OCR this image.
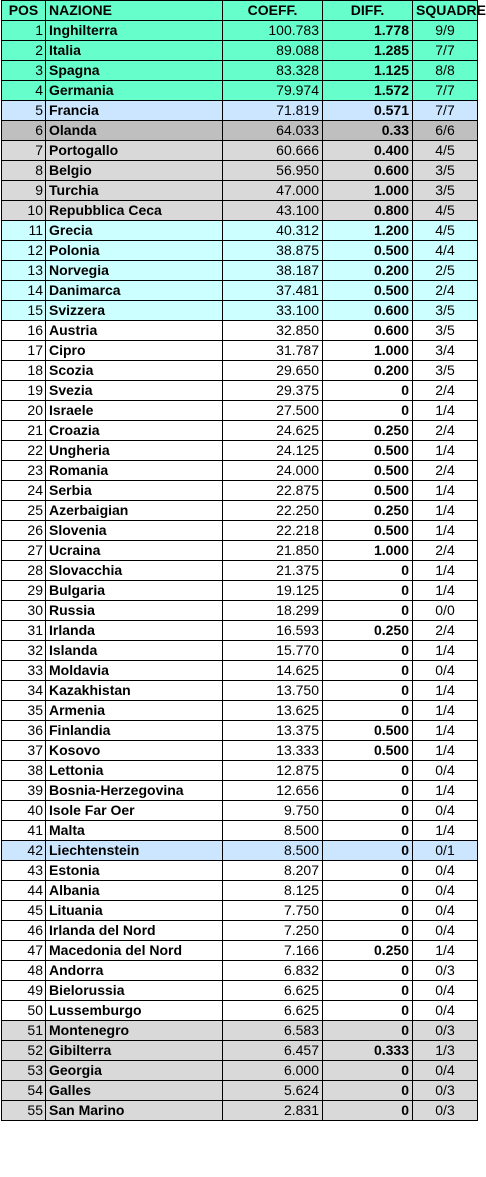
POS	NAZIONE	COEFF.	DIFF.	SQUADRE
1	Inghilterra	100.783	1.778	9/9
2	Italia	89.088	1.285	7/7
3	Spagna	83.328	1.125	8/8
4	Germania	79.974	1.572	7/7
5	Francia	71.819	0.571	7/7
6	Olanda	64.033	0.33	6/6
7	Portogallo	60.666	0.400	4/5
8	Belgio	56.950	0.600	3/5
9	Turchia	47.000	1.000	3/5
10	Repubblica Ceca	43.100	0.800	4/5
11	Grecia	40.312	1.200	4/5
12	Polonia	38.875	0.500	4/4
13	Norvegia	38.187	0.200	2/5
14	Danimarca	37.481	0.500	2/4
15	Svizzera	33.100	0.600	3/5
16	Austria	32.850	0.600	3/5
17	Cipro	31.787	1.000	3/4
18	Scozia	29.650	0.200	3/5
19	Svezia	29.375	0	2/4
20	Israele	27.500	0	1/4
21	Croazia	24.625	0.250	2/4
22	Ungheria	24.125	0.500	1/4
23	Romania	24.000	0.500	2/4
24	Serbia	22.875	0.500	1/4
25	Azerbaigian	22.250	0.250	1/4
26	Slovenia	22.218	0.500	1/4
27	Ucraina	21.850	1.000	2/4
28	Slovacchia	21.375	0	1/4
29	Bulgaria	19.125	0	1/4
30	Russia	18.299	0	0/0
31	Irlanda	16.593	0.250	2/4
32	Islanda	15.770	0	1/4
33	Moldavia	14.625	0	0/4
34	Kazakhistan	13.750	0	1/4
35	Armenia	13.625	0	1/4
36	Finlandia	13.375	0.500	1/4
37	Kosovo	13.333	0.500	1/4
38	Lettonia	12.875	0	0/4
39	Bosnia-Herzegovina	12.656	0	1/4
40	Isole Far Oer	9.750	0	0/4
41	Malta	8.500	0	1/4
42	Liechtenstein	8.500	0	0/1
43	Estonia	8.207	0	0/4
44	Albania	8.125	0	0/4
45	Lituania	7.750	0	0/4
46	Irlanda del Nord	7.250	0	0/4
47	Macedonia del Nord	7.166	0.250	1/4
48	Andorra	6.832	0	0/3
49	Bielorussia	6.625	0	0/4
50	Lussemburgo	6.625	0	0/4
51	Montenegro	6.583	0	0/3
52	Gibilterra	6.457	0.333	1/3
53	Georgia	6.000	0	0/4
54	Galles	5.624	0	0/3
55	San Marino	2.831	0	0/3
